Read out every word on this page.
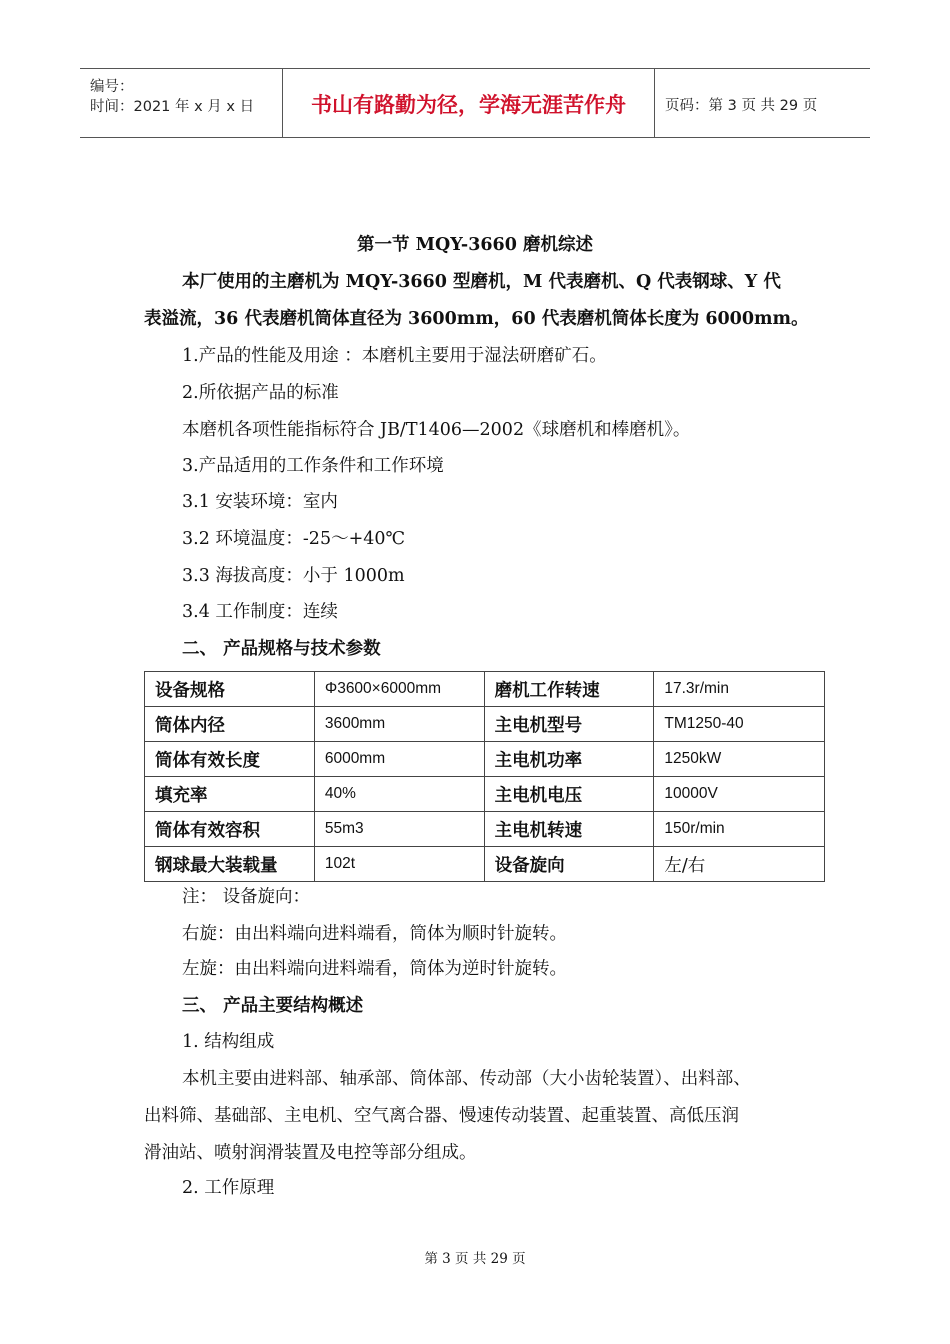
编号：
时间：2021 年 x 月 x 日	书山有路勤为径，学海无涯苦作舟	页码：第 3 页 共 29 页
第一节 MQY-3660 磨机综述
本厂使用的主磨机为 MQY-3660 型磨机，M 代表磨机、Q 代表钢球、Y 代
表溢流，36 代表磨机筒体直径为 3600mm，60 代表磨机筒体长度为 6000mm。
1.产品的性能及用途 ：本磨机主要用于湿法研磨矿石。
2.所依据产品的标准
本磨机各项性能指标符合 JB/T1406—2002《球磨机和棒磨机》。
3.产品适用的工作条件和工作环境
3.1 安装环境：室内
3.2 环境温度：-25～+40℃
3.3 海拔高度：小于 1000m
3.4 工作制度：连续
二、 产品规格与技术参数
设备规格	Φ3600×6000mm	磨机工作转速	17.3r/min
筒体内径	3600mm	主电机型号	TM1250-40
筒体有效长度	6000mm	主电机功率	1250kW
填充率	40%	主电机电压	10000V
筒体有效容积	55m3	主电机转速	150r/min
钢球最大装载量	102t	设备旋向	左/右
注： 设备旋向：
右旋：由出料端向进料端看，筒体为顺时针旋转。
左旋：由出料端向进料端看，筒体为逆时针旋转。
三、 产品主要结构概述
1. 结构组成
本机主要由进料部、轴承部、筒体部、传动部（大小齿轮装置）、出料部、
出料筛、基础部、主电机、空气离合器、慢速传动装置、起重装置、高低压润
滑油站、喷射润滑装置及电控等部分组成。
2. 工作原理
第 3 页 共 29 页
